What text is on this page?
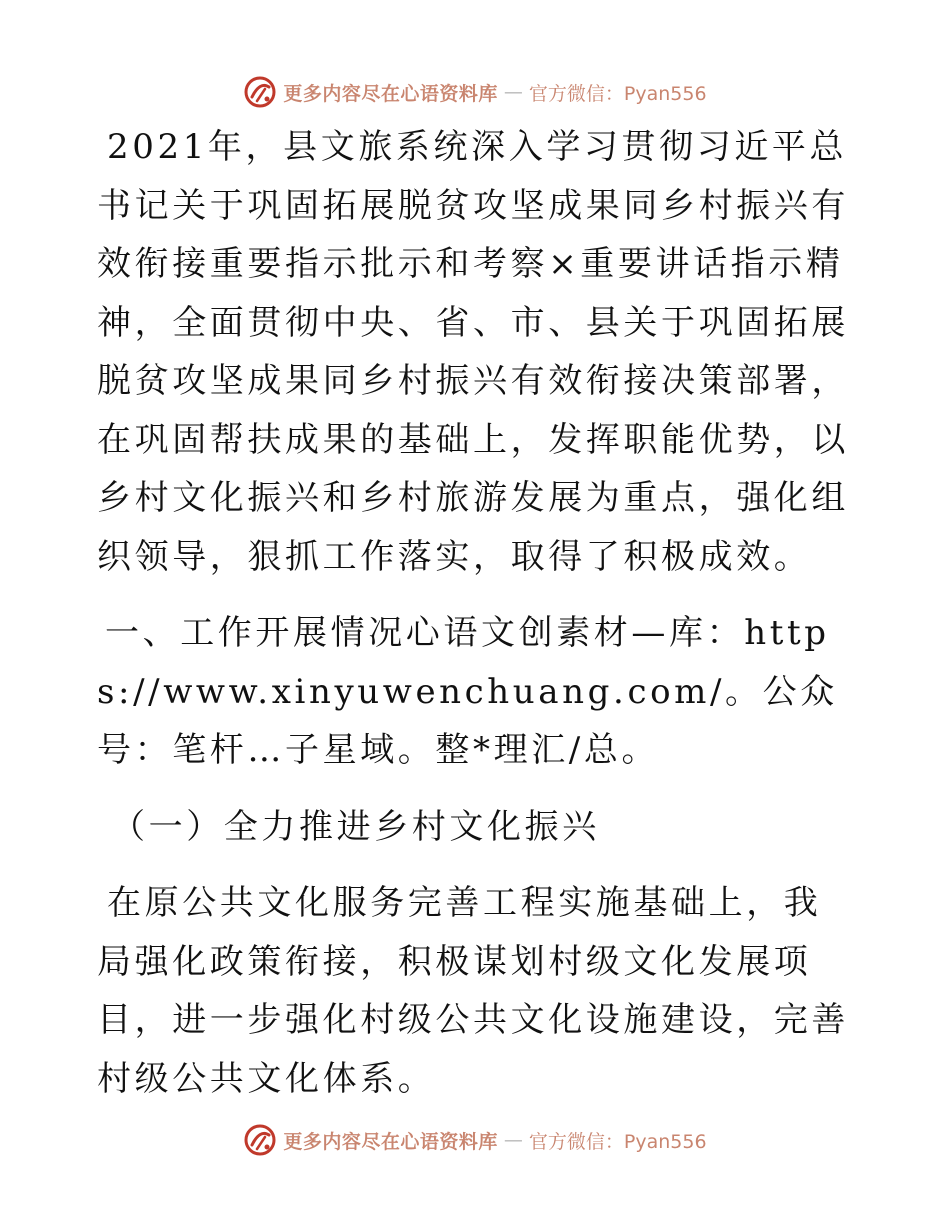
更多内容尽在心语资料库 — 官方微信：Pyan556

2021年，县文旅系统深入学习贯彻习近平总书记关于巩固拓展脱贫攻坚成果同乡村振兴有效衔接重要指示批示和考察×重要讲话指示精神，全面贯彻中央、省、市、县关于巩固拓展脱贫攻坚成果同乡村振兴有效衔接决策部署，在巩固帮扶成果的基础上，发挥职能优势，以乡村文化振兴和乡村旅游发展为重点，强化组织领导，狠抓工作落实，取得了积极成效。

一、工作开展情况心语文创素材—库：https://www.xinyuwenchuang.com/。公众号：笔杆…子星域。整*理汇/总。

（一）全力推进乡村文化振兴

在原公共文化服务完善工程实施基础上，我局强化政策衔接，积极谋划村级文化发展项目，进一步强化村级公共文化设施建设，完善村级公共文化体系。

更多内容尽在心语资料库 — 官方微信：Pyan556
